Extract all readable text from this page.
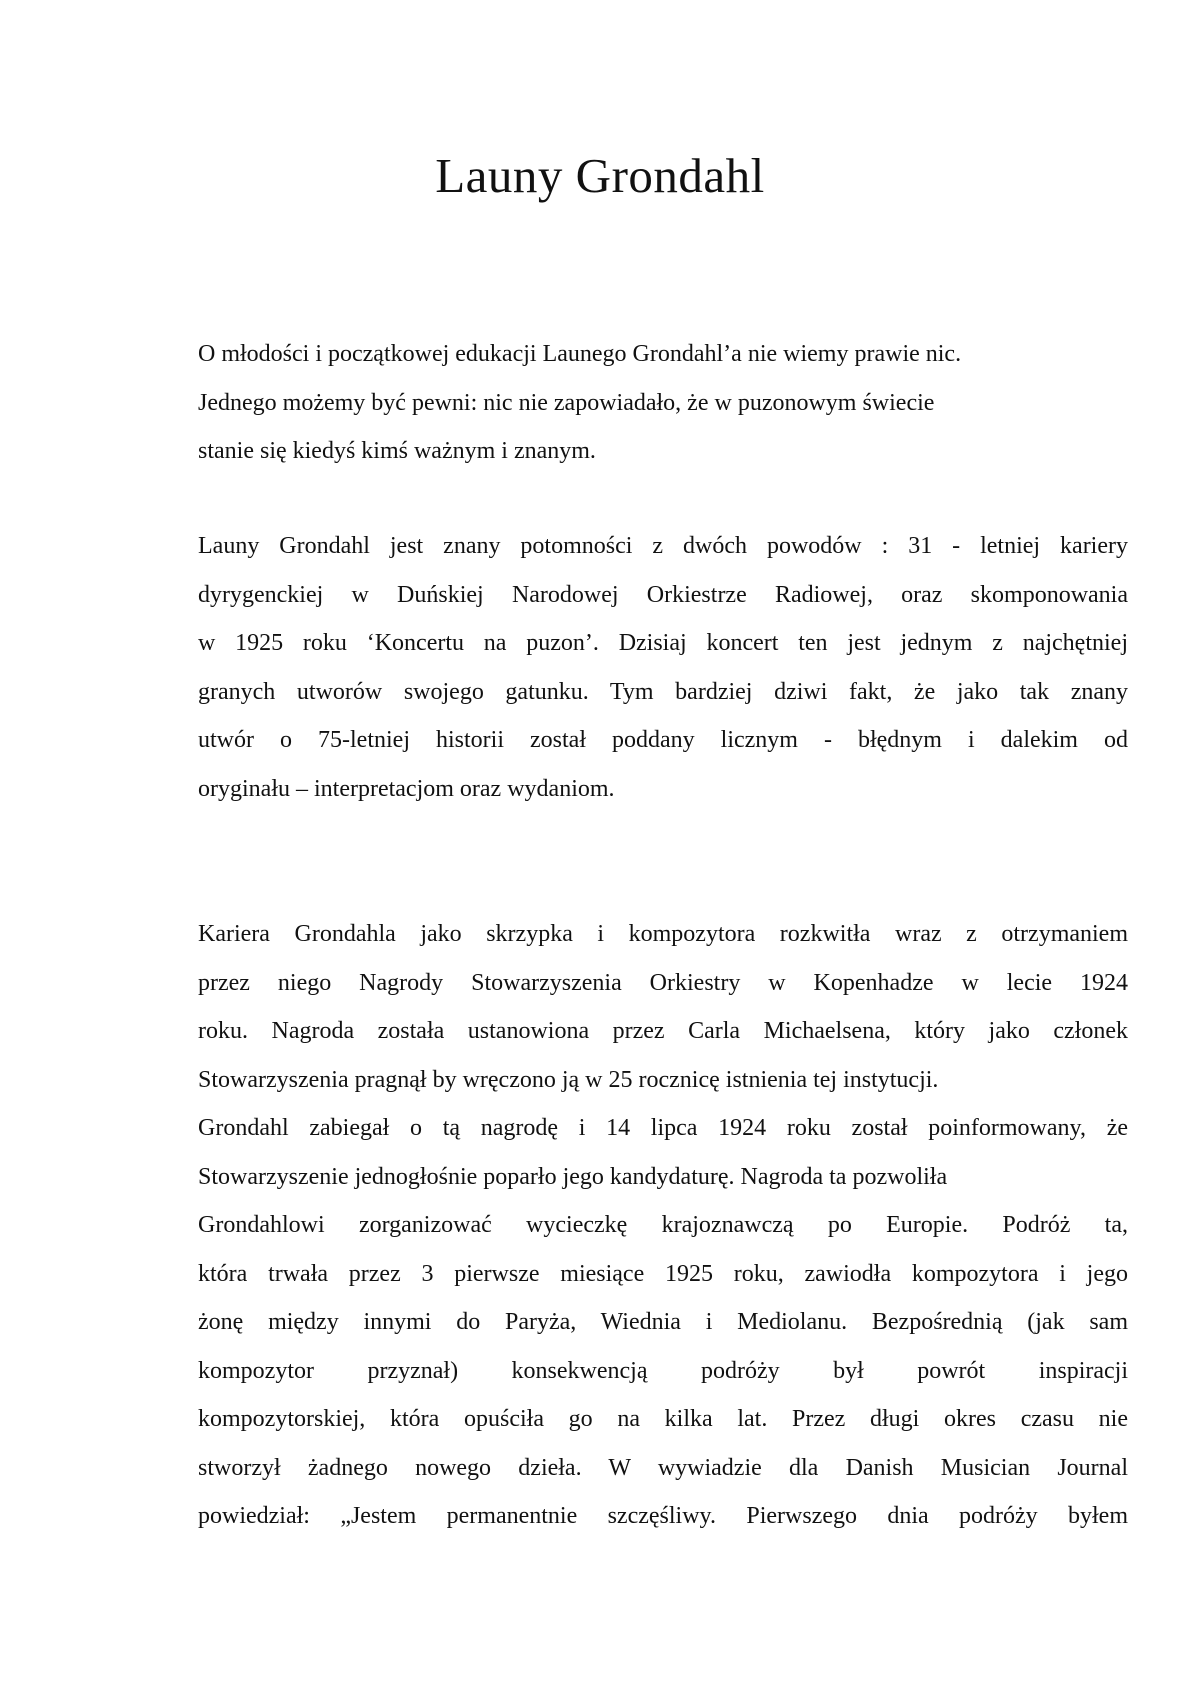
Launy Grondahl

O młodości i początkowej edukacji Launego Grondahl’a nie wiemy prawie nic.
Jednego możemy być pewni: nic nie zapowiadało, że w puzonowym świecie
stanie się kiedyś kimś ważnym i znanym.

Launy Grondahl jest znany potomności z dwóch powodów : 31 - letniej kariery
dyrygenckiej w Duńskiej Narodowej Orkiestrze Radiowej, oraz skomponowania
w 1925 roku ‘Koncertu na puzon’. Dzisiaj koncert ten jest jednym z najchętniej
granych utworów swojego gatunku. Tym bardziej dziwi fakt, że jako tak znany
utwór o 75-letniej historii został poddany licznym - błędnym i dalekim od
oryginału – interpretacjom oraz wydaniom.

Kariera Grondahla jako skrzypka i kompozytora rozkwitła wraz z otrzymaniem
przez niego Nagrody Stowarzyszenia Orkiestry w Kopenhadze w lecie 1924
roku. Nagroda została ustanowiona przez Carla Michaelsena, który jako członek
Stowarzyszenia pragnął by wręczono ją w 25 rocznicę istnienia tej instytucji.
Grondahl zabiegał o tą nagrodę i 14 lipca 1924 roku został poinformowany, że
Stowarzyszenie jednogłośnie poparło jego kandydaturę. Nagroda ta pozwoliła
Grondahlowi zorganizować wycieczkę krajoznawczą po Europie. Podróż ta,
która trwała przez 3 pierwsze miesiące 1925 roku, zawiodła kompozytora i jego
żonę między innymi do Paryża, Wiednia i Mediolanu. Bezpośrednią (jak sam
kompozytor przyznał) konsekwencją podróży był powrót inspiracji
kompozytorskiej, która opuściła go na kilka lat. Przez długi okres czasu nie
stworzył żadnego nowego dzieła. W wywiadzie dla Danish Musician Journal
powiedział: „Jestem permanentnie szczęśliwy. Pierwszego dnia podróży byłem
